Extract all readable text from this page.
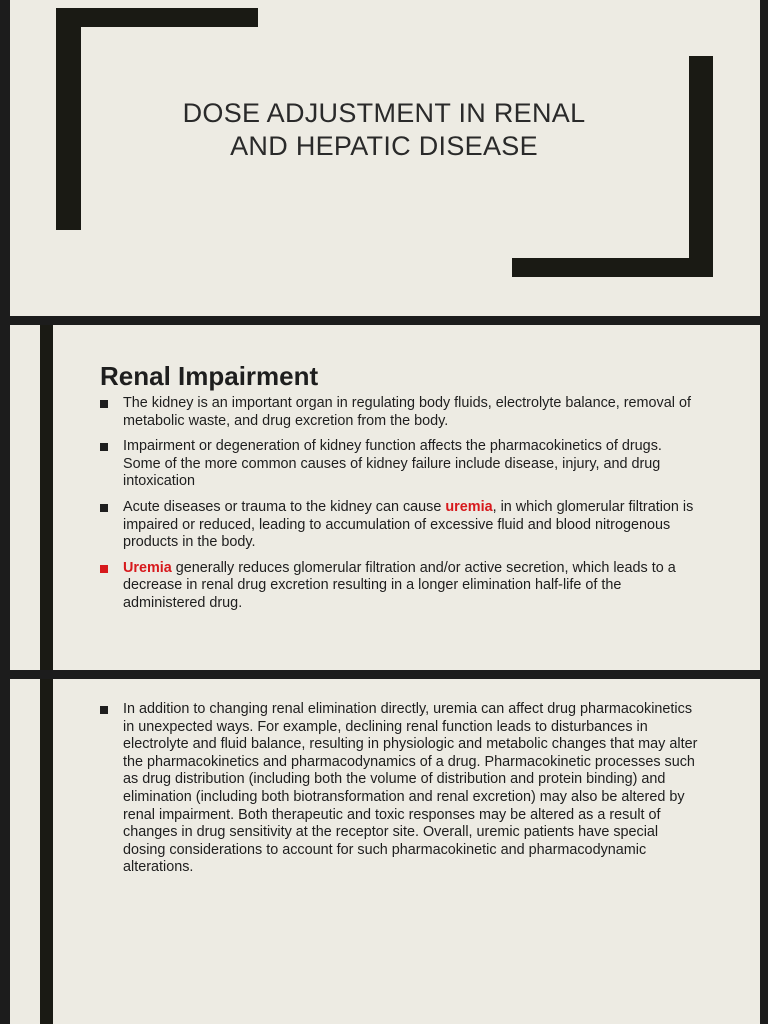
DOSE ADJUSTMENT IN RENAL
AND HEPATIC DISEASE
Renal Impairment
The kidney is an important organ in regulating body fluids, electrolyte balance, removal of metabolic waste, and drug excretion from the body.
Impairment or degeneration of kidney function affects the pharmacokinetics of drugs. Some of the more common causes of kidney failure include disease, injury, and drug intoxication
Acute diseases or trauma to the kidney can cause uremia, in which glomerular filtration is impaired or reduced, leading to accumulation of excessive fluid and blood nitrogenous products in the body.
Uremia generally reduces glomerular filtration and/or active secretion, which leads to a decrease in renal drug excretion resulting in a longer elimination half-life of the administered drug.
In addition to changing renal elimination directly, uremia can affect drug pharmacokinetics in unexpected ways. For example, declining renal function leads to disturbances in electrolyte and fluid balance, resulting in physiologic and metabolic changes that may alter the pharmacokinetics and pharmacodynamics of a drug. Pharmacokinetic processes such as drug distribution (including both the volume of distribution and protein binding) and elimination (including both biotransformation and renal excretion) may also be altered by renal impairment. Both therapeutic and toxic responses may be altered as a result of changes in drug sensitivity at the receptor site. Overall, uremic patients have special dosing considerations to account for such pharmacokinetic and pharmacodynamic alterations.
